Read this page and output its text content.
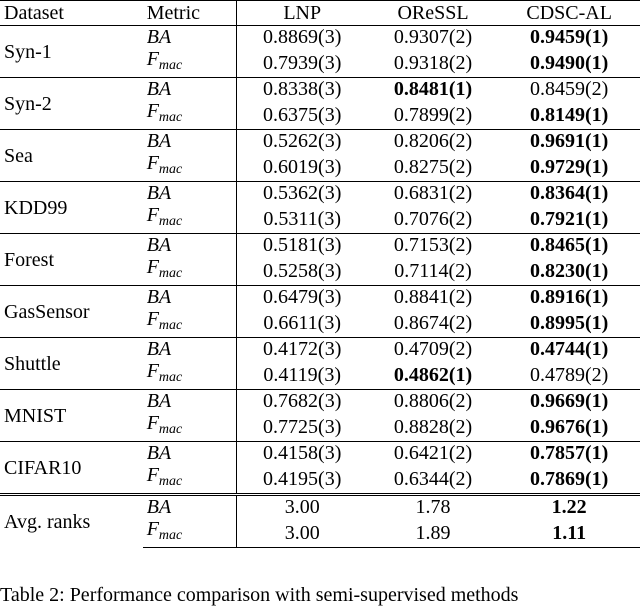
Dataset	Metric	LNP	OReSSL	CDSC-AL
Syn-1	BA	0.8869(3)	0.9307(2)	0.9459(1)
	$F_{mac}$	0.7939(3)	0.9318(2)	0.9490(1)
Syn-2	BA	0.8338(3)	0.8481(1)	0.8459(2)
	$F_{mac}$	0.6375(3)	0.7899(2)	0.8149(1)
Sea	BA	0.5262(3)	0.8206(2)	0.9691(1)
	$F_{mac}$	0.6019(3)	0.8275(2)	0.9729(1)
KDD99	BA	0.5362(3)	0.6831(2)	0.8364(1)
	$F_{mac}$	0.5311(3)	0.7076(2)	0.7921(1)
Forest	BA	0.5181(3)	0.7153(2)	0.8465(1)
	$F_{mac}$	0.5258(3)	0.7114(2)	0.8230(1)
GasSensor	BA	0.6479(3)	0.8841(2)	0.8916(1)
	$F_{mac}$	0.6611(3)	0.8674(2)	0.8995(1)
Shuttle	BA	0.4172(3)	0.4709(2)	0.4744(1)
	$F_{mac}$	0.4119(3)	0.4862(1)	0.4789(2)
MNIST	BA	0.7682(3)	0.8806(2)	0.9669(1)
	$F_{mac}$	0.7725(3)	0.8828(2)	0.9676(1)
CIFAR10	BA	0.4158(3)	0.6421(2)	0.7857(1)
	$F_{mac}$	0.4195(3)	0.6344(2)	0.7869(1)
Avg. ranks	BA	3.00	1.78	1.22
	$F_{mac}$	3.00	1.89	1.11
Table 2: Performance comparison with semi-supervised methods
